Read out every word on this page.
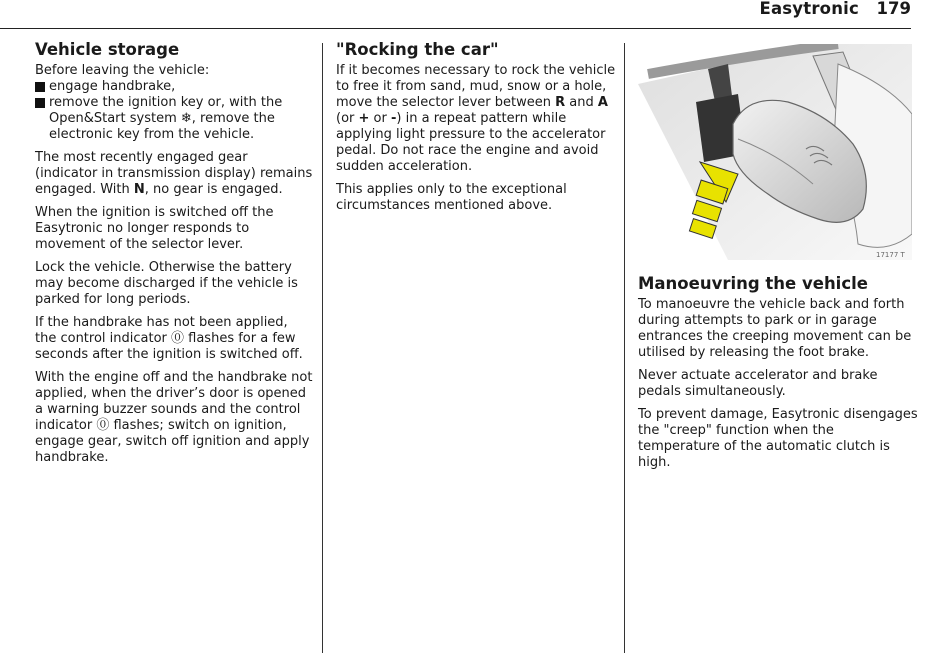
Easytronic 179
Vehicle storage

Before leaving the vehicle:

engage handbrake,
remove the ignition key or, with the Open&Start system ❄, remove the electronic key from the vehicle.

The most recently engaged gear (indicator in transmission display) remains engaged. With N, no gear is engaged.

When the ignition is switched off the Easytronic no longer responds to movement of the selector lever.

Lock the vehicle. Otherwise the battery may become discharged if the vehicle is parked for long periods.

If the handbrake has not been applied, the control indicator ⓪ flashes for a few seconds after the ignition is switched off.

With the engine off and the handbrake not applied, when the driver’s door is opened a warning buzzer sounds and the control indicator ⓪ flashes; switch on ignition, engage gear, switch off ignition and apply handbrake.

"Rocking the car"

If it becomes necessary to rock the vehicle to free it from sand, mud, snow or a hole, move the selector lever between R and A (or + or -) in a repeat pattern while applying light pressure to the accelerator pedal. Do not race the engine and avoid sudden acceleration.

This applies only to the exceptional circumstances mentioned above.

17177 T
Manoeuvring the vehicle

To manoeuvre the vehicle back and forth during attempts to park or in garage entrances the creeping movement can be utilised by releasing the foot brake.

Never actuate accelerator and brake pedals simultaneously.

To prevent damage, Easytronic disengages the "creep" function when the temperature of the automatic clutch is high.
